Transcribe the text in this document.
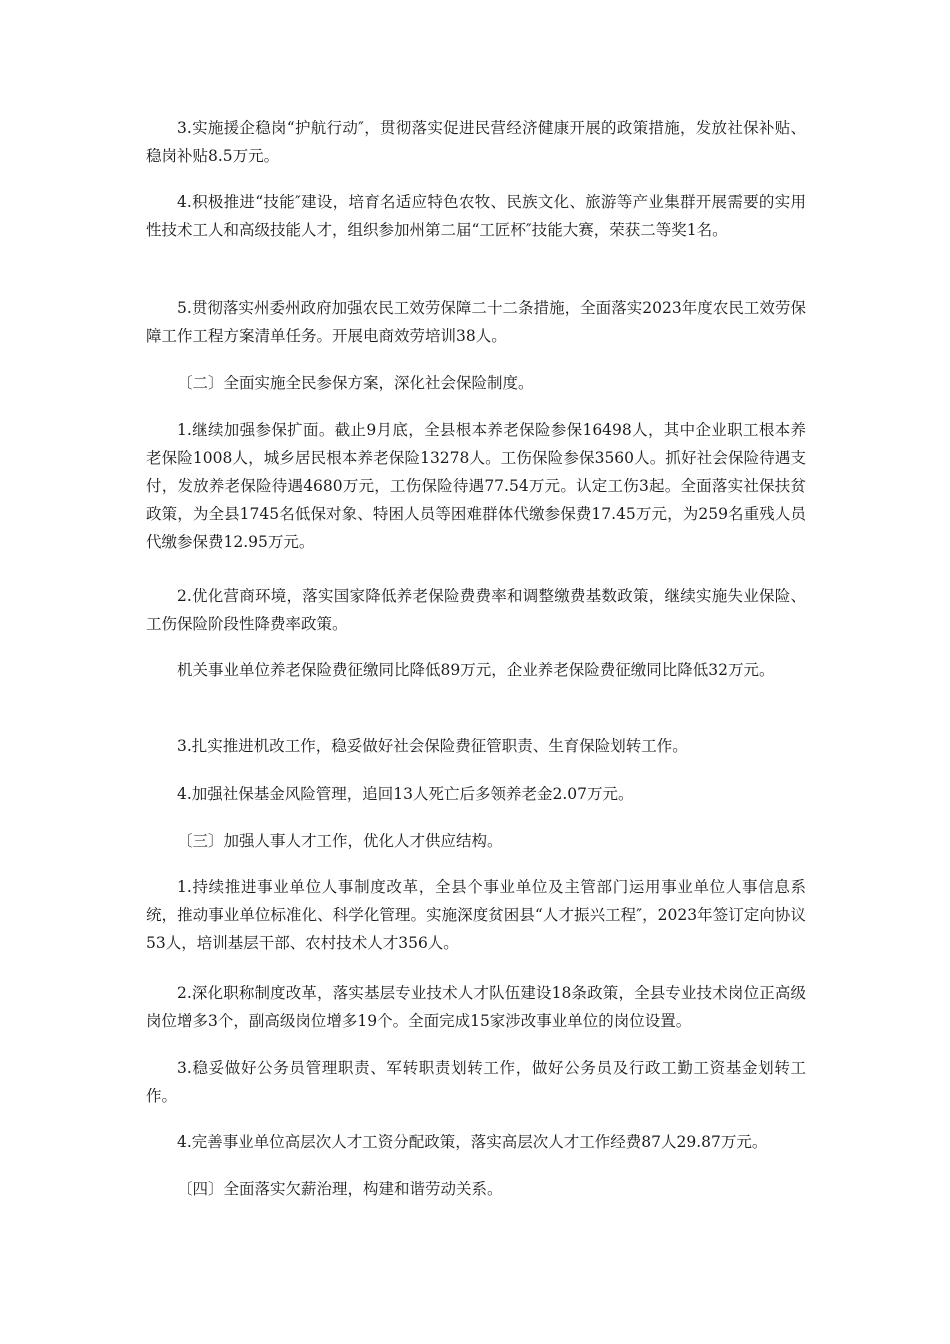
3.实施援企稳岗“护航行动″，贯彻落实促进民营经济健康开展的政策措施，发放社保补贴、稳岗补贴8.5万元。

4.积极推进“技能″建设，培育名适应特色农牧、民族文化、旅游等产业集群开展需要的实用性技术工人和高级技能人才，组织参加州第二届“工匠杯″技能大赛，荣获二等奖1名。

5.贯彻落实州委州政府加强农民工效劳保障二十二条措施，全面落实2023年度农民工效劳保障工作工程方案清单任务。开展电商效劳培训38人。

〔二〕全面实施全民参保方案，深化社会保险制度。

1.继续加强参保扩面。截止9月底，全县根本养老保险参保16498人，其中企业职工根本养老保险1008人，城乡居民根本养老保险13278人。工伤保险参保3560人。抓好社会保险待遇支付，发放养老保险待遇4680万元，工伤保险待遇77.54万元。认定工伤3起。全面落实社保扶贫政策，为全县1745名低保对象、特困人员等困难群体代缴参保费17.45万元，为259名重残人员代缴参保费12.95万元。

2.优化营商环境，落实国家降低养老保险费费率和调整缴费基数政策，继续实施失业保险、工伤保险阶段性降费率政策。

机关事业单位养老保险费征缴同比降低89万元，企业养老保险费征缴同比降低32万元。

3.扎实推进机改工作，稳妥做好社会保险费征管职责、生育保险划转工作。

4.加强社保基金风险管理，追回13人死亡后多领养老金2.07万元。

〔三〕加强人事人才工作，优化人才供应结构。

1.持续推进事业单位人事制度改革，全县个事业单位及主管部门运用事业单位人事信息系统，推动事业单位标准化、科学化管理。实施深度贫困县“人才振兴工程″，2023年签订定向协议53人，培训基层干部、农村技术人才356人。

2.深化职称制度改革，落实基层专业技术人才队伍建设18条政策，全县专业技术岗位正高级岗位增多3个，副高级岗位增多19个。全面完成15家涉改事业单位的岗位设置。

3.稳妥做好公务员管理职责、军转职责划转工作，做好公务员及行政工勤工资基金划转工作。

4.完善事业单位高层次人才工资分配政策，落实高层次人才工作经费87人29.87万元。

〔四〕全面落实欠薪治理，构建和谐劳动关系。
